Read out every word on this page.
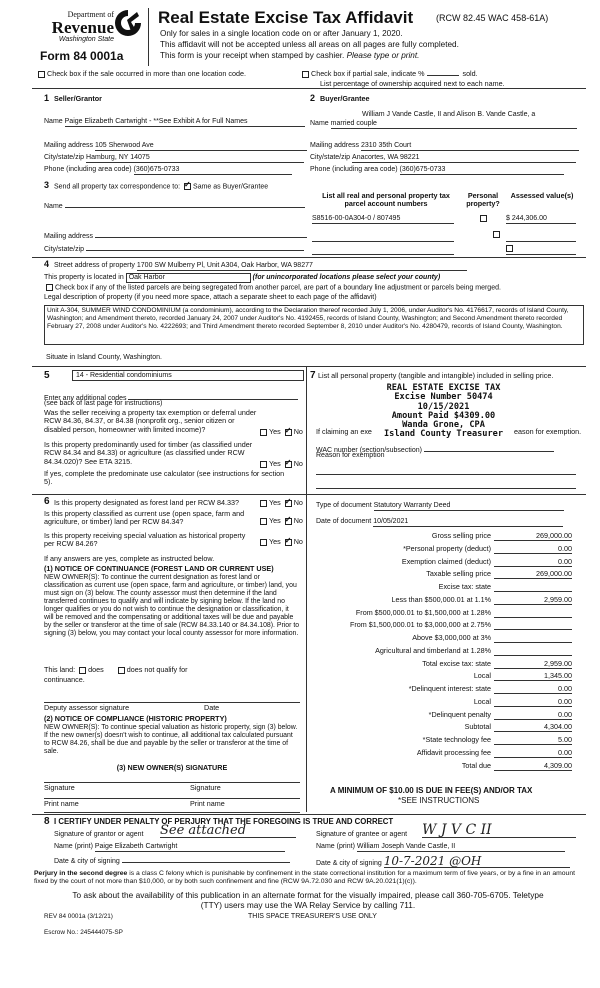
Department of
Revenue
Washington State
Form 84 0001a
Real Estate Excise Tax Affidavit	(RCW 82.45 WAC 458-61A)
Only for sales in a single location code on or after January 1, 2020.
This affidavit will not be accepted unless all areas on all pages are fully completed.
This form is your receipt when stamped by cashier. Please type or print.
Check box if the sale occurred in more than one location code.	Check box if partial sale, indicate %	sold.
List percentage of ownership acquired next to each name.
1 Seller/Grantor
Name Paige Elizabeth Cartwright - **See Exhibit A for Full Names
Mailing address 105 Sherwood Ave
City/state/zip Hamburg, NY 14075
Phone (including area code) (360)675-0733
2 Buyer/Grantee
William J Vande Castle, II and Alison B. Vande Castle, a
Name married couple
Mailing address 2310 35th Court
City/state/zip Anacortes, WA 98221
Phone (including area code) (360)675-0733
3 Send all property tax correspondence to: ✓ Same as Buyer/Grantee
Name
Mailing address
City/state/zip
List all real and personal property tax parcel account numbers
Personal property?
Assessed value(s)
S8516-00-0A304-0 / 807495
	$ 244,306.00

4 Street address of property 1700 SW Mulberry Pl, Unit A304, Oak Harbor, WA 98277
This property is located in Oak Harbor	(for unincorporated locations please select your county)
Check box if any of the listed parcels are being segregated from another parcel, are part of a boundary line adjustment or parcels being merged.
Legal description of property (if you need more space, attach a separate sheet to each page of the affidavit)
Unit A-304, SUMMER WIND CONDOMINIUM (a condominium), according to the Declaration thereof recorded July 1, 2006, under Auditor's No. 4176617, records of Island County, Washington; and Amendment thereto, recorded January 24, 2007 under Auditor's No. 4192455, records of Island County, Washington; and Second Amendment thereto recorded February 27, 2008 under Auditor's No. 4222693; and Third Amendment thereto recorded September 8, 2010 under Auditor's No. 4280479, records of Island County, Washington.
Situate in Island County, Washington.
5	14 - Residential condominiums
Enter any additional codes
(see back of last page for instructions)
Was the seller receiving a property tax exemption or deferral under RCW 84.36, 84.37, or 84.38 (nonprofit org., senior citizen or disabled person, homeowner with limited income)?	Yes ✓ No
Is this property predominantly used for timber (as classified under RCW 84.34 and 84.33) or agriculture (as classified under RCW 84.34.020)? See ETA 3215.	Yes ✓ No
If yes, complete the predominate use calculator (see instructions for section 5).
6 Is this property designated as forest land per RCW 84.33?	Yes ✓ No
Is this property classified as current use (open space, farm and agriculture, or timber) land per RCW 84.34?	Yes ✓ No
Is this property receiving special valuation as historical property per RCW 84.26?	Yes ✓ No
If any answers are yes, complete as instructed below.
(1) NOTICE OF CONTINUANCE (FOREST LAND OR CURRENT USE)
NEW OWNER(S): To continue the current designation as forest land or classification as current use (open space, farm and agriculture, or timber) land, you must sign on (3) below. The county assessor must then determine if the land transferred continues to qualify and will indicate by signing below. If the land no longer qualifies or you do not wish to continue the designation or classification, it will be removed and the compensating or additional taxes will be due and payable by the seller or transferor at the time of sale (RCW 84.33.140 or 84.34.108). Prior to signing (3) below, you may contact your local county assessor for more information.
This land: does	does not qualify for
continuance.
Deputy assessor signature	Date
(2) NOTICE OF COMPLIANCE (HISTORIC PROPERTY)
NEW OWNER(S): To continue special valuation as historic property, sign (3) below. If the new owner(s) doesn't wish to continue, all additional tax calculated pursuant to RCW 84.26, shall be due and payable by the seller or transferor at the time of sale.
(3) NEW OWNER(S) SIGNATURE
Signature	Signature
Print name	Print name
7 List all personal property (tangible and intangible) included in selling price.
If claiming an exe	eason for exemption.
WAC number (section/subsection)
Reason for exemption
REAL ESTATE EXCISE TAX
Excise Number 50474
10/15/2021
Amount Paid $4309.00
Wanda Grone, CPA
Island County Treasurer
Type of document Statutory Warranty Deed
Date of document 10/05/2021
Gross selling price	269,000.00
*Personal property (deduct)	0.00
Exemption claimed (deduct)	0.00
Taxable selling price	269,000.00
Excise tax: state
Less than $500,000.01 at 1.1%	2,959.00
From $500,000.01 to $1,500,000 at 1.28%
From $1,500,000.01 to $3,000,000 at 2.75%
Above $3,000,000 at 3%
Agricultural and timberland at 1.28%
Total excise tax: state	2,959.00
Local	1,345.00
*Delinquent interest: state	0.00
Local	0.00
*Delinquent penalty	0.00
Subtotal	4,304.00
*State technology fee	5.00
Affidavit processing fee	0.00
Total due	4,309.00
A MINIMUM OF $10.00 IS DUE IN FEE(S) AND/OR TAX
*SEE INSTRUCTIONS
8 I CERTIFY UNDER PENALTY OF PERJURY THAT THE FOREGOING IS TRUE AND CORRECT
Signature of grantor or agent See attached
Name (print) Paige Elizabeth Cartwright
Date & city of signing
Signature of grantee or agent W J V C II
Name (print) William Joseph Vande Castle, II
Date & city of signing 10-7-2021 @OH
Perjury in the second degree is a class C felony which is punishable by confinement in the state correctional institution for a maximum term of five years, or by a fine in an amount fixed by the court of not more than $10,000, or by both such confinement and fine (RCW 9A.72.030 and RCW 9A.20.021(1)(c)).
To ask about the availability of this publication in an alternate format for the visually impaired, please call 360-705-6705. Teletype
(TTY) users may use the WA Relay Service by calling 711.
REV 84 0001a (3/12/21)	THIS SPACE TREASURER'S USE ONLY
Escrow No.: 245444075-SP
